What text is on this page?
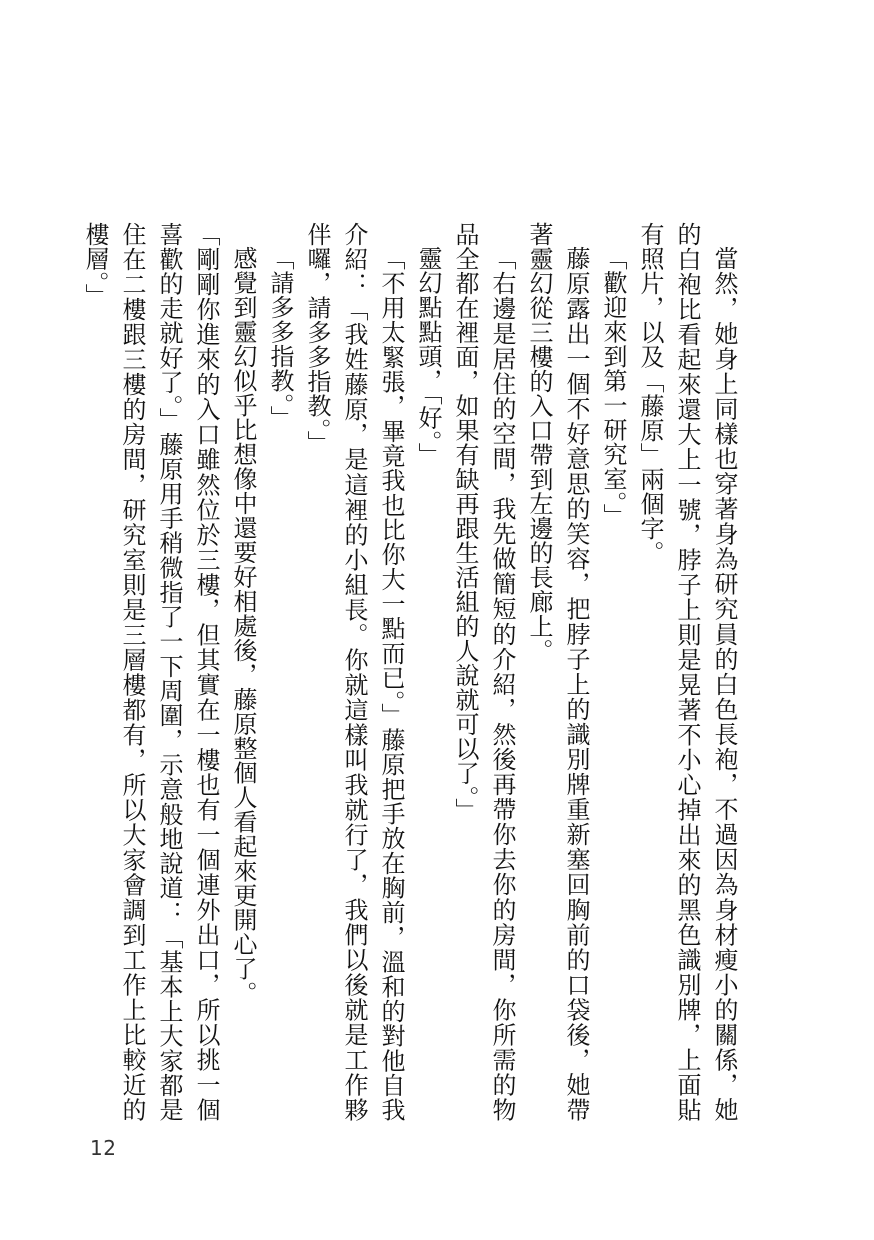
當然，她身上同樣也穿著身為研究員的白色長袍，不過因為身材瘦小的關係，她的白袍比看起來還大上一號，脖子上則是晃著不小心掉出來的黑色識別牌，上面貼有照片，以及「藤原」兩個字。

「歡迎來到第一研究室。」

藤原露出一個不好意思的笑容，把脖子上的識別牌重新塞回胸前的口袋後，她帶著靈幻從三樓的入口帶到左邊的長廊上。

「右邊是居住的空間，我先做簡短的介紹，然後再帶你去你的房間，你所需的物品全都在裡面，如果有缺再跟生活組的人說就可以了。」

靈幻點點頭，「好。」

「不用太緊張，畢竟我也比你大一點而已。」藤原把手放在胸前，溫和的對他自我介紹：「我姓藤原，是這裡的小組長。你就這樣叫我就行了，我們以後就是工作夥伴囉，請多多指教。」

「請多多指教。」

感覺到靈幻似乎比想像中還要好相處後，藤原整個人看起來更開心了。

「剛剛你進來的入口雖然位於三樓，但其實在一樓也有一個連外出口，所以挑一個喜歡的走就好了。」藤原用手稍微指了一下周圍，示意般地說道：「基本上大家都是住在二樓跟三樓的房間，研究室則是三層樓都有，所以大家會調到工作上比較近的樓層。」

12
